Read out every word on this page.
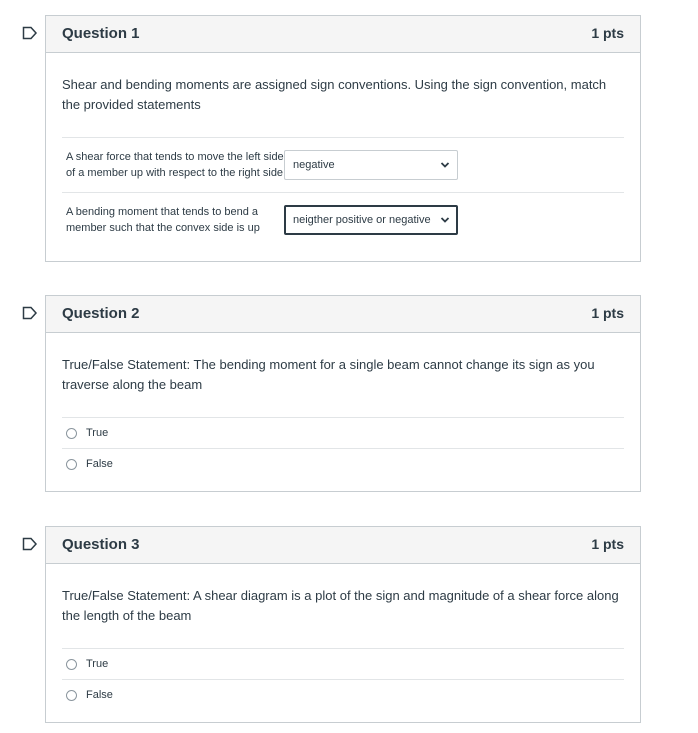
Question 1	1 pts
Shear and bending moments are assigned sign conventions. Using the sign convention, match the provided statements
A shear force that tends to move the left side of a member up with respect to the right side
negative
A bending moment that tends to bend a member such that the convex side is up
neigther positive or negative
Question 2	1 pts
True/False Statement: The bending moment for a single beam cannot change its sign as you traverse along the beam
True
False
Question 3	1 pts
True/False Statement: A shear diagram is a plot of the sign and magnitude of a shear force along the length of the beam
True
False
